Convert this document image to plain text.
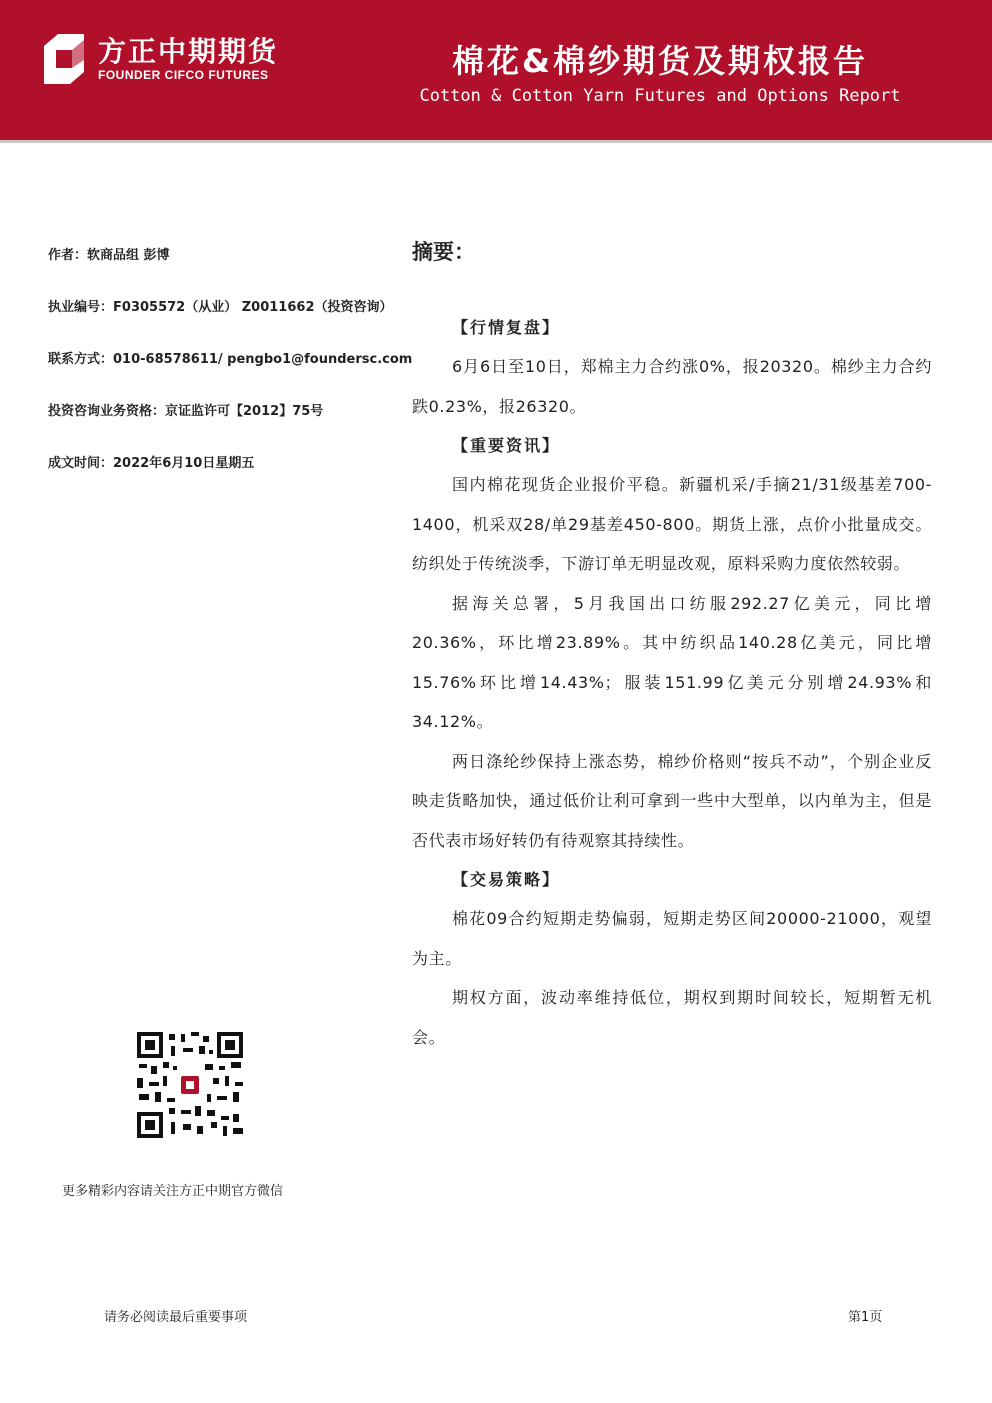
方正中期期货
FOUNDER CIFCO FUTURES	棉花&棉纱期货及期权报告
Cotton & Cotton Yarn Futures and Options Report
作者：软商品组 彭博
执业编号：F0305572（从业） Z0011662（投资咨询）
联系方式：010-68578611/ pengbo1@foundersc.com
投资咨询业务资格：京证监许可【2012】75号
成文时间：2022年6月10日星期五
更多精彩内容请关注方正中期官方微信
摘要：
【行情复盘】

6月6日至10日，郑棉主力合约涨0%，报20320。棉纱主力合约跌0.23%，报26320。

【重要资讯】

国内棉花现货企业报价平稳。新疆机采/手摘21/31级基差700-1400，机采双28/单29基差450-800。期货上涨，点价小批量成交。纺织处于传统淡季，下游订单无明显改观，原料采购力度依然较弱。

据海关总署，5月我国出口纺服292.27亿美元，同比增20.36%，环比增23.89%。其中纺织品140.28亿美元，同比增15.76%环比增14.43%；服装151.99亿美元分别增24.93%和34.12%。

两日涤纶纱保持上涨态势，棉纱价格则“按兵不动”，个别企业反映走货略加快，通过低价让利可拿到一些中大型单，以内单为主，但是否代表市场好转仍有待观察其持续性。

【交易策略】

棉花09合约短期走势偏弱，短期走势区间20000-21000，观望为主。

期权方面，波动率维持低位，期权到期时间较长，短期暂无机会。

请务必阅读最后重要事项	第1页
